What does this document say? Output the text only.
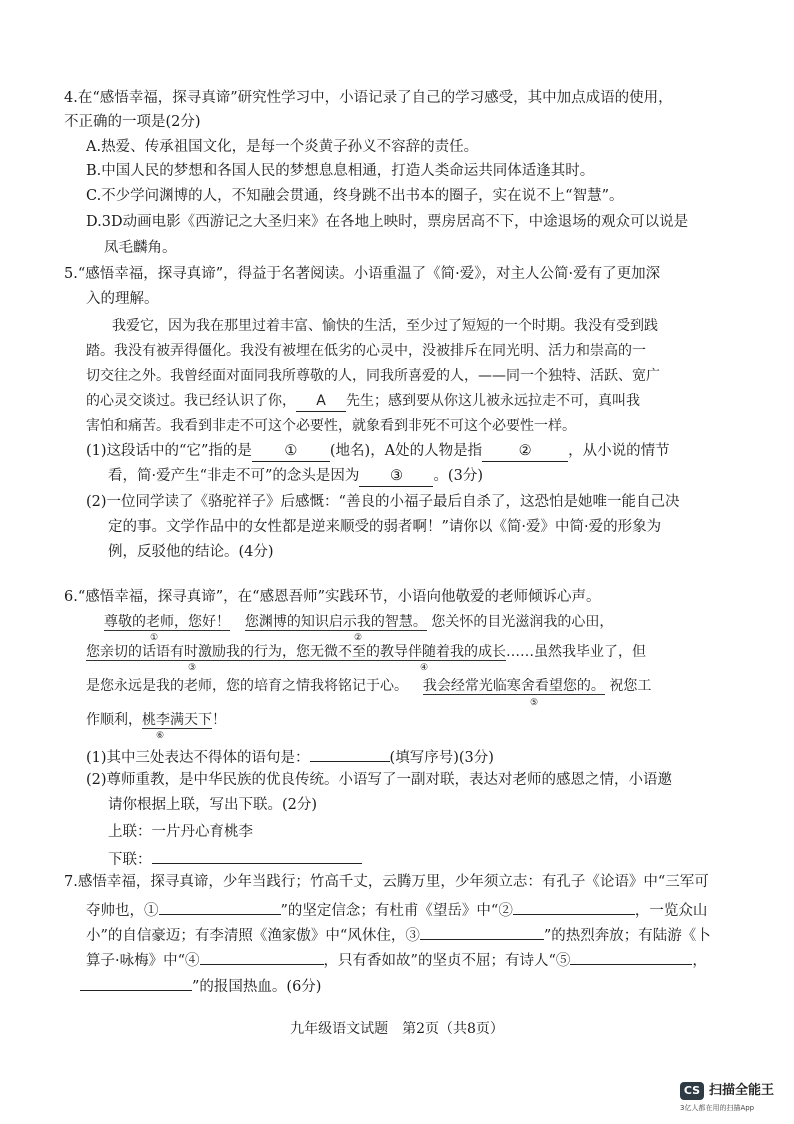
4.在“感悟幸福，探寻真谛”研究性学习中，小语记录了自己的学习感受，其中加点成语的使用，
不正确的一项是(2分)
A.热爱、传承祖国文化，是每一个炎黄子孙义不容辞的责任。
B.中国人民的梦想和各国人民的梦想息息相通，打造人类命运共同体适逢其时。
C.不少学问渊博的人，不知融会贯通，终身跳不出书本的圈子，实在说不上“智慧”。
D.3D动画电影《西游记之大圣归来》在各地上映时，票房居高不下，中途退场的观众可以说是
凤毛麟角。
5.“感悟幸福，探寻真谛”，得益于名著阅读。小语重温了《简·爱》，对主人公简·爱有了更加深
入的理解。
我爱它，因为我在那里过着丰富、愉快的生活，至少过了短短的一个时期。我没有受到践
踏。我没有被弄得僵化。我没有被埋在低劣的心灵中，没被排斥在同光明、活力和崇高的一
切交往之外。我曾经面对面同我所尊敬的人，同我所喜爱的人，——同一个独特、活跃、宽广
的心灵交谈过。我已经认识了你， A 先生；感到要从你这儿被永远拉走不可，真叫我
害怕和痛苦。我看到非走不可这个必要性，就象看到非死不可这个必要性一样。
(1)这段话中的“它”指的是 ① (地名)，A处的人物是指	②	，从小说的情节
看，简·爱产生“非走不可”的念头是因为 ③ 。(3分)
(2)一位同学读了《骆驼祥子》后感慨：“善良的小福子最后自杀了，这恐怕是她唯一能自己决
定的事。文学作品中的女性都是逆来顺受的弱者啊！”请你以《简·爱》中简·爱的形象为
例，反驳他的结论。(4分)
6.“感悟幸福，探寻真谛”，在“感恩吾师”实践环节，小语向他敬爱的老师倾诉心声。
尊敬的老师，您好！ 您渊博的知识启示我的智慧。 您关怀的目光滋润我的心田，
①	②
您亲切的话语有时激励我的行为，您无微不至的教导伴随着我的成长……虽然我毕业了，但
③	④
是您永远是我的老师，您的培育之情我将铭记于心。 我会经常光临寒舍看望您的。 祝您工
⑤
作顺利，桃李满天下！
⑥
(1)其中三处表达不得体的语句是：	(填写序号)(3分)
(2)尊师重教，是中华民族的优良传统。小语写了一副对联，表达对老师的感恩之情，小语邀
请你根据上联，写出下联。(2分)
上联：一片丹心育桃李
下联：
7.感悟幸福，探寻真谛，少年当践行；竹高千丈，云腾万里，少年须立志：有孔子《论语》中“三军可
夺帅也，①	”的坚定信念；有杜甫《望岳》中“②	，一览众山
小”的自信豪迈；有李清照《渔家傲》中“风休住，③	”的热烈奔放；有陆游《卜
算子·咏梅》中“④	，只有香如故”的坚贞不屈；有诗人“⑤	，
”的报国热血。(6分)
九年级语文试题　第2页（共8页）
CS 扫描全能王
3亿人都在用的扫描App
